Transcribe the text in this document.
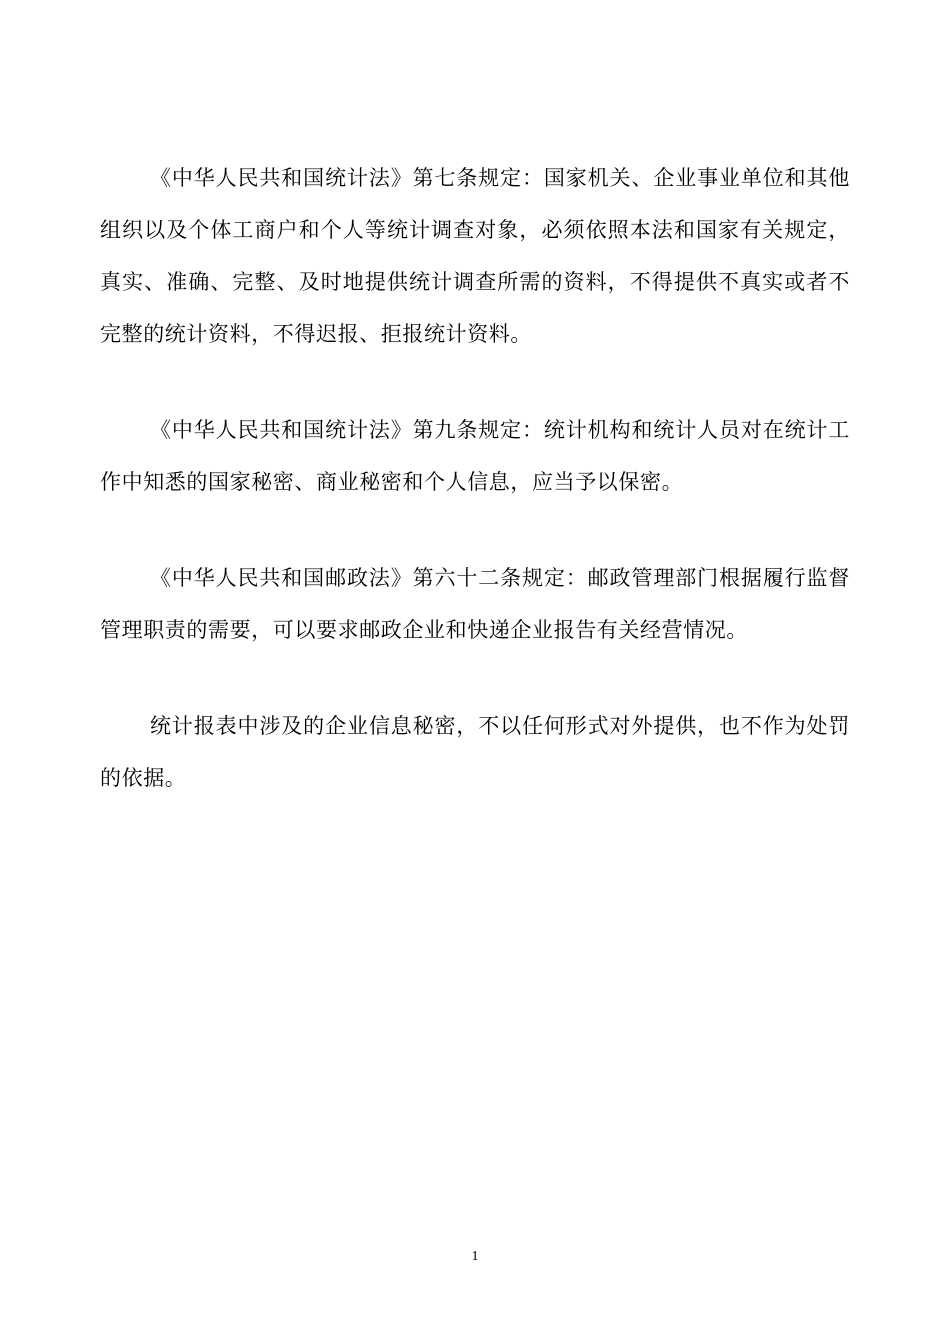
《中华人民共和国统计法》第七条规定：国家机关、企业事业单位和其他组织以及个体工商户和个人等统计调查对象，必须依照本法和国家有关规定，真实、准确、完整、及时地提供统计调查所需的资料，不得提供不真实或者不完整的统计资料，不得迟报、拒报统计资料。

《中华人民共和国统计法》第九条规定：统计机构和统计人员对在统计工作中知悉的国家秘密、商业秘密和个人信息，应当予以保密。

《中华人民共和国邮政法》第六十二条规定：邮政管理部门根据履行监督管理职责的需要，可以要求邮政企业和快递企业报告有关经营情况。

统计报表中涉及的企业信息秘密，不以任何形式对外提供，也不作为处罚的依据。

1
